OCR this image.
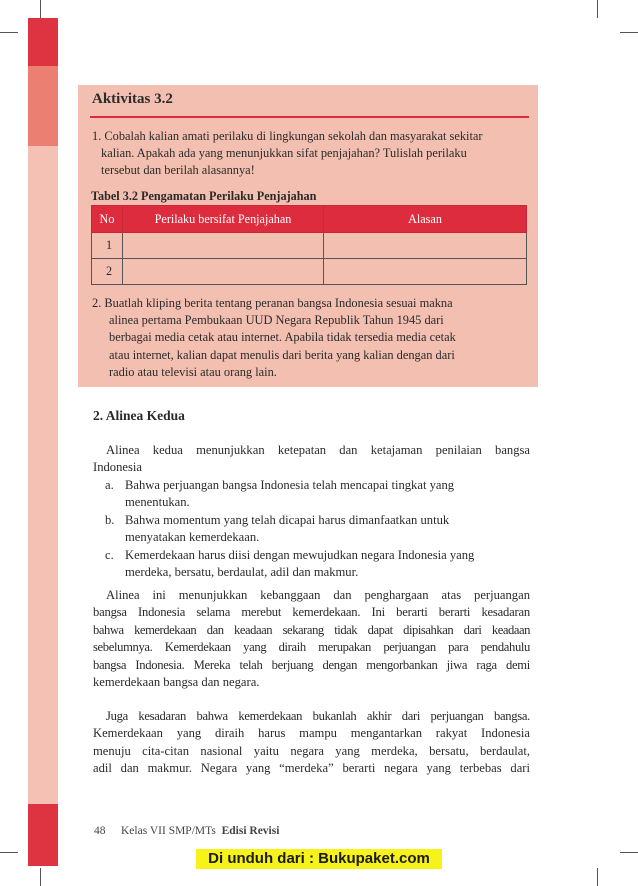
Aktivitas 3.2
1. Cobalah kalian amati perilaku di lingkungan sekolah dan masyarakat sekitar
kalian. Apakah ada yang menunjukkan sifat penjajahan? Tulislah perilaku
tersebut dan berilah alasannya!
Tabel 3.2 Pengamatan Perilaku Penjajahan
No	Perilaku bersifat Penjajahan	Alasan
1		
2		
2. Buatlah kliping berita tentang peranan bangsa Indonesia sesuai makna
alinea pertama Pembukaan UUD Negara Republik Tahun 1945 dari
berbagai media cetak atau internet. Apabila tidak tersedia media cetak
atau internet, kalian dapat menulis dari berita yang kalian dengan dari
radio atau televisi atau orang lain.
2. Alinea Kedua
Alinea kedua menunjukkan ketepatan dan ketajaman penilaian bangsa
Indonesia
a. Bahwa perjuangan bangsa Indonesia telah mencapai tingkat yang
menentukan.
b. Bahwa momentum yang telah dicapai harus dimanfaatkan untuk
menyatakan kemerdekaan.
c. Kemerdekaan harus diisi dengan mewujudkan negara Indonesia yang
merdeka, bersatu, berdaulat, adil dan makmur.
Alinea ini menunjukkan kebanggaan dan penghargaan atas perjuangan
bangsa Indonesia selama merebut kemerdekaan. Ini berarti berarti kesadaran
bahwa kemerdekaan dan keadaan sekarang tidak dapat dipisahkan dari keadaan
sebelumnya. Kemerdekaan yang diraih merupakan perjuangan para pendahulu
bangsa Indonesia. Mereka telah berjuang dengan mengorbankan jiwa raga demi
kemerdekaan bangsa dan negara.
Juga kesadaran bahwa kemerdekaan bukanlah akhir dari perjuangan bangsa.
Kemerdekaan yang diraih harus mampu mengantarkan rakyat Indonesia
menuju cita-citan nasional yaitu negara yang merdeka, bersatu, berdaulat,
adil dan makmur. Negara yang “merdeka” berarti negara yang terbebas dari
48 Kelas VII SMP/MTs Edisi Revisi
Di unduh dari : Bukupaket.com
